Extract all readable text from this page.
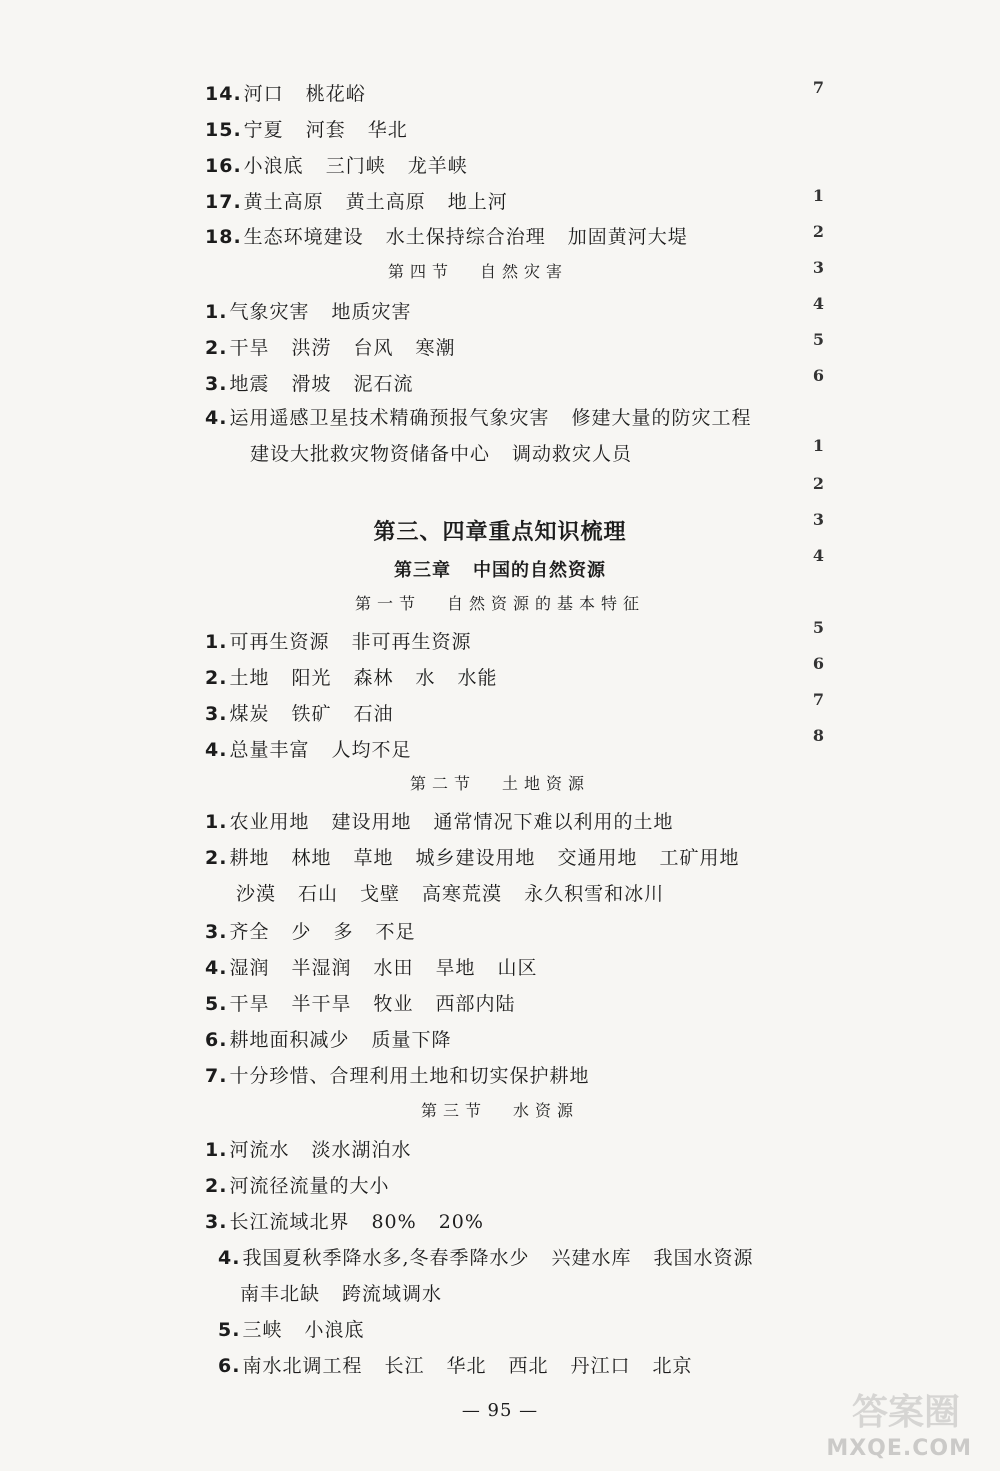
14. 河口 桃花峪
15. 宁夏 河套 华北
16. 小浪底 三门峡 龙羊峡
17. 黄土高原 黄土高原 地上河
18. 生态环境建设 水土保持综合治理 加固黄河大堤
第四节 自然灾害
1. 气象灾害 地质灾害
2. 干旱 洪涝 台风 寒潮
3. 地震 滑坡 泥石流
4. 运用遥感卫星技术精确预报气象灾害 修建大量的防灾工程
建设大批救灾物资储备中心 调动救灾人员
第三、四章重点知识梳理
第三章 中国的自然资源
第一节 自然资源的基本特征
1. 可再生资源 非可再生资源
2. 土地 阳光 森林 水 水能
3. 煤炭 铁矿 石油
4. 总量丰富 人均不足
第二节 土地资源
1. 农业用地 建设用地 通常情况下难以利用的土地
2. 耕地 林地 草地 城乡建设用地 交通用地 工矿用地
沙漠 石山 戈壁 高寒荒漠 永久积雪和冰川
3. 齐全 少 多 不足
4. 湿润 半湿润 水田 旱地 山区
5. 干旱 半干旱 牧业 西部内陆
6. 耕地面积减少 质量下降
7. 十分珍惜、合理利用土地和切实保护耕地
第三节 水资源
1. 河流水 淡水湖泊水
2. 河流径流量的大小
3. 长江流域北界 80% 20%
4. 我国夏秋季降水多,冬春季降水少 兴建水库 我国水资源
南丰北缺 跨流域调水
5. 三峡 小浪底
6. 南水北调工程 长江 华北 西北 丹江口 北京
7
1
2
3
4
5
6
1
2
3
4
5
6
7
8
— 95 —	答案圈
MXQE.COM
